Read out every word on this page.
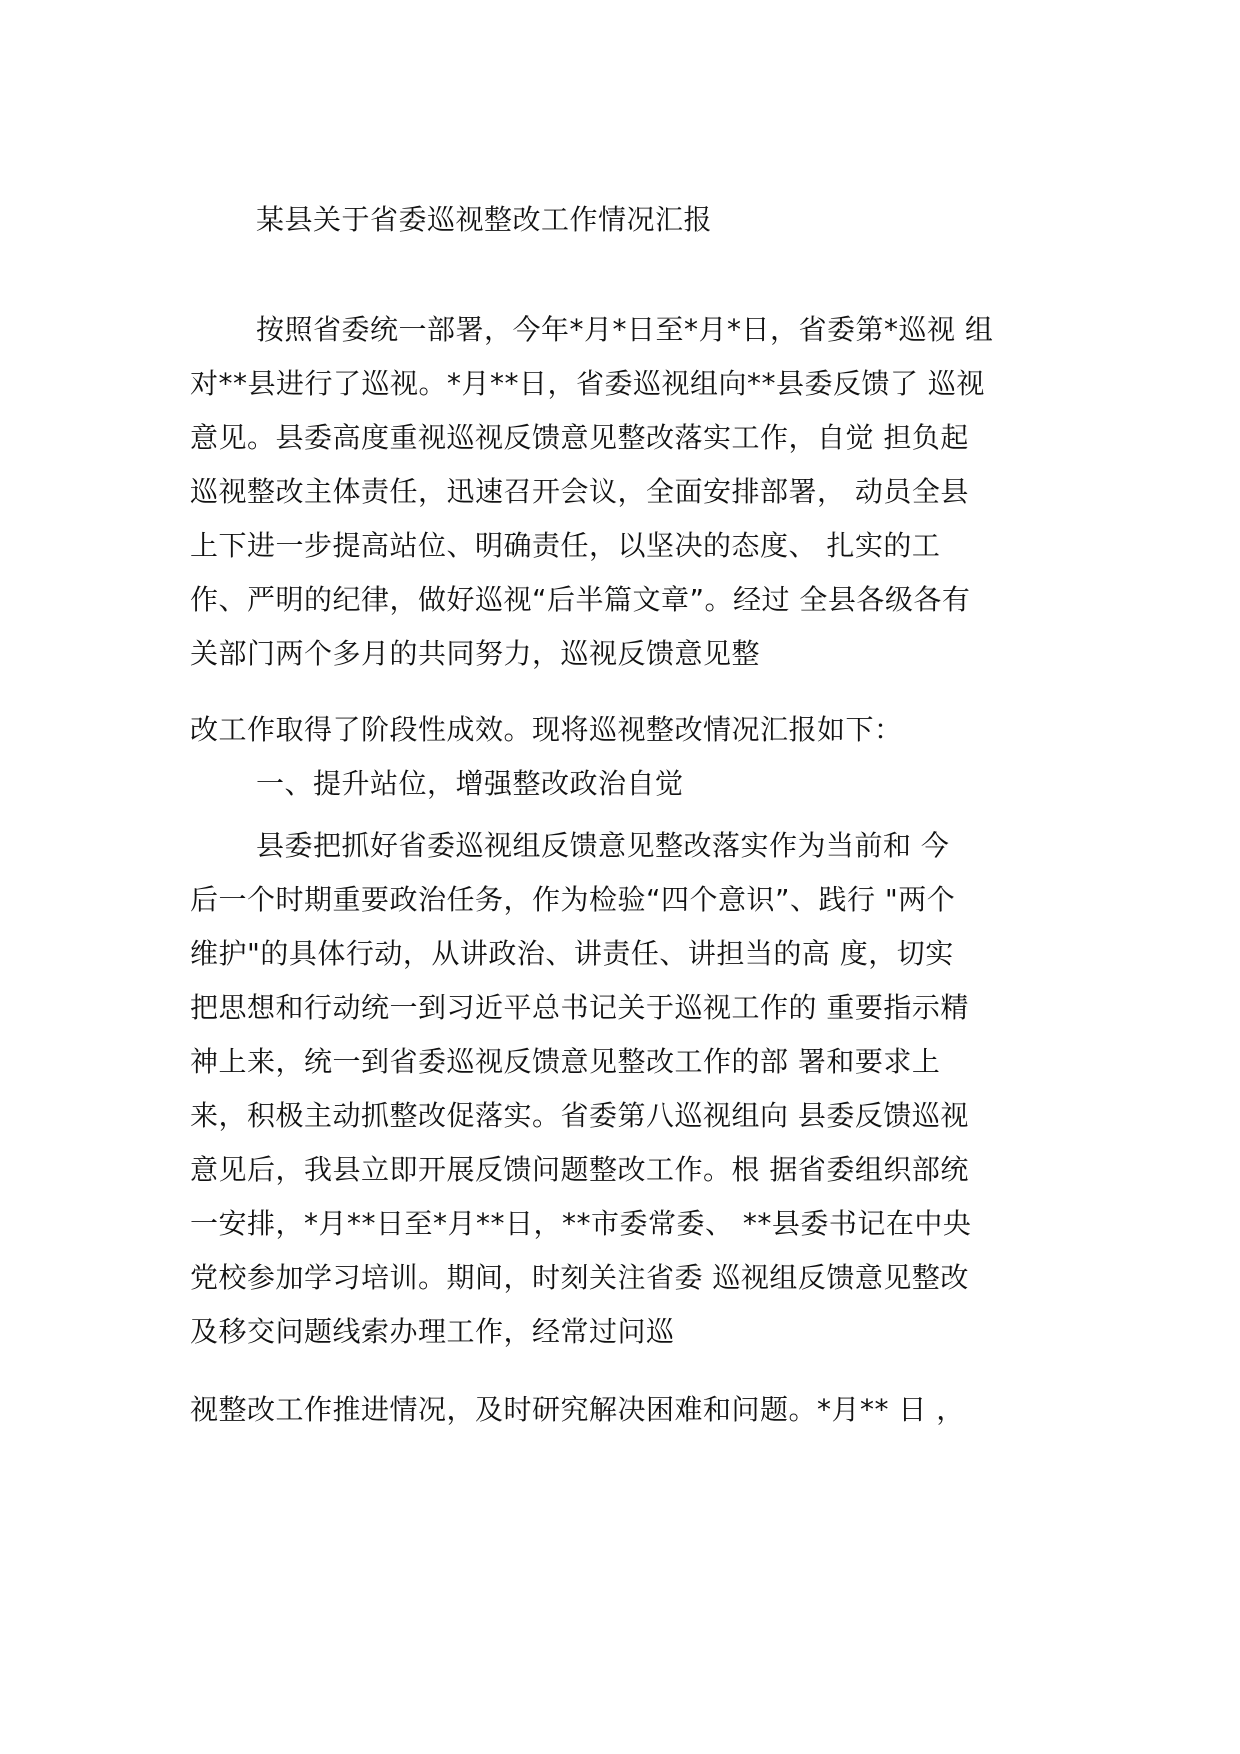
某县关于省委巡视整改工作情况汇报
按照省委统一部署，今年*月*日至*月*日，省委第*巡视 组
对**县进行了巡视。*月**日，省委巡视组向**县委反馈了 巡视
意见。县委高度重视巡视反馈意见整改落实工作，自觉 担负起
巡视整改主体责任，迅速召开会议，全面安排部署， 动员全县
上下进一步提高站位、明确责任，以坚决的态度、 扎实的工
作、严明的纪律，做好巡视“后半篇文章”。经过 全县各级各有
关部门两个多月的共同努力，巡视反馈意见整
改工作取得了阶段性成效。现将巡视整改情况汇报如下：
一、提升站位，增强整改政治自觉
县委把抓好省委巡视组反馈意见整改落实作为当前和 今
后一个时期重要政治任务，作为检验“四个意识”、践行 "两个
维护"的具体行动，从讲政治、讲责任、讲担当的高 度，切实
把思想和行动统一到习近平总书记关于巡视工作的 重要指示精
神上来，统一到省委巡视反馈意见整改工作的部 署和要求上
来，积极主动抓整改促落实。省委第八巡视组向 县委反馈巡视
意见后，我县立即开展反馈问题整改工作。根 据省委组织部统
一安排，*月**日至*月**日，**市委常委、 **县委书记在中央
党校参加学习培训。期间，时刻关注省委 巡视组反馈意见整改
及移交问题线索办理工作，经常过问巡
视整改工作推进情况，及时研究解决困难和问题。*月** 日 ，
